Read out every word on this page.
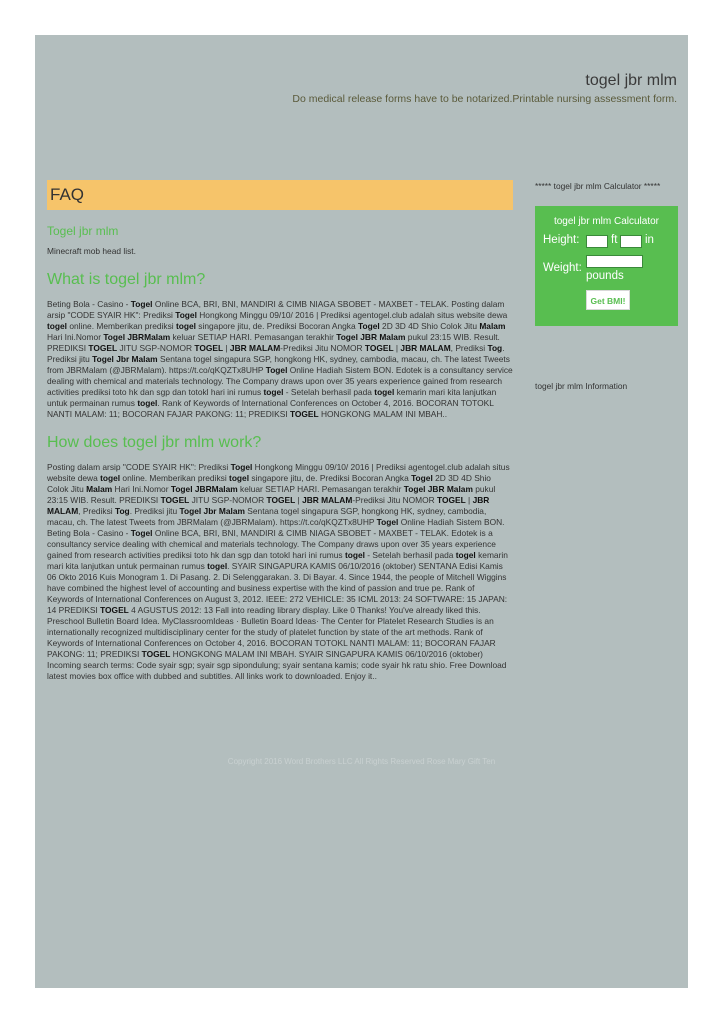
togel jbr mlm

Do medical release forms have to be notarized.Printable nursing assessment form.

FAQ
Togel jbr mlm

Minecraft mob head list.

What is togel jbr mlm?

Beting Bola - Casino - Togel Online BCA, BRI, BNI, MANDIRI & CIMB NIAGA SBOBET - MAXBET - TELAK. Posting dalam arsip "CODE SYAIR HK": Prediksi Togel Hongkong Minggu 09/10/ 2016 | Prediksi agentogel.club adalah situs website dewa togel online. Memberikan prediksi togel singapore jitu, de. Prediksi Bocoran Angka Togel 2D 3D 4D Shio Colok Jitu Malam Hari Ini.Nomor Togel JBRMalam keluar SETIAP HARI. Pemasangan terakhir Togel JBR Malam pukul 23:15 WIB. Result. PREDIKSI TOGEL JITU SGP-NOMOR TOGEL | JBR MALAM-Prediksi Jitu NOMOR TOGEL | JBR MALAM, Prediksi Tog. Prediksi jitu Togel Jbr Malam Sentana togel singapura SGP, hongkong HK, sydney, cambodia, macau, ch. The latest Tweets from JBRMalam (@JBRMalam). https://t.co/qKQZTx8UHP Togel Online Hadiah Sistem BON. Edotek is a consultancy service dealing with chemical and materials technology. The Company draws upon over 35 years experience gained from research activities prediksi toto hk dan sgp dan totokl hari ini rumus togel - Setelah berhasil pada togel kemarin mari kita lanjutkan untuk permainan rumus togel. Rank of Keywords of International Conferences on October 4, 2016. BOCORAN TOTOKL NANTI MALAM: 11; BOCORAN FAJAR PAKONG: 11; PREDIKSI TOGEL HONGKONG MALAM INI MBAH..

How does togel jbr mlm work?

Posting dalam arsip "CODE SYAIR HK": Prediksi Togel Hongkong Minggu 09/10/ 2016 | Prediksi agentogel.club adalah situs website dewa togel online. Memberikan prediksi togel singapore jitu, de. Prediksi Bocoran Angka Togel 2D 3D 4D Shio Colok Jitu Malam Hari Ini.Nomor Togel JBRMalam keluar SETIAP HARI. Pemasangan terakhir Togel JBR Malam pukul 23:15 WIB. Result. PREDIKSI TOGEL JITU SGP-NOMOR TOGEL | JBR MALAM-Prediksi Jitu NOMOR TOGEL | JBR MALAM, Prediksi Tog. Prediksi jitu Togel Jbr Malam Sentana togel singapura SGP, hongkong HK, sydney, cambodia, macau, ch. The latest Tweets from JBRMalam (@JBRMalam). https://t.co/qKQZTx8UHP Togel Online Hadiah Sistem BON. Beting Bola - Casino - Togel Online BCA, BRI, BNI, MANDIRI & CIMB NIAGA SBOBET - MAXBET - TELAK. Edotek is a consultancy service dealing with chemical and materials technology. The Company draws upon over 35 years experience gained from research activities prediksi toto hk dan sgp dan totokl hari ini rumus togel - Setelah berhasil pada togel kemarin mari kita lanjutkan untuk permainan rumus togel. SYAIR SINGAPURA KAMIS 06/10/2016 (oktober) SENTANA Edisi Kamis 06 Okto 2016 Kuis Monogram 1. Di Pasang. 2. Di Selenggarakan. 3. Di Bayar. 4. Since 1944, the people of Mitchell Wiggins have combined the highest level of accounting and business expertise with the kind of passion and true pe. Rank of Keywords of International Conferences on August 3, 2012. IEEE: 272 VEHICLE: 35 ICML 2013: 24 SOFTWARE: 15 JAPAN: 14 PREDIKSI TOGEL 4 AGUSTUS 2012: 13 Fall into reading library display. Like 0 Thanks! You've already liked this. Preschool Bulletin Board Idea. MyClassroomIdeas · Bulletin Board Ideas· The Center for Platelet Research Studies is an internationally recognized multidisciplinary center for the study of platelet function by state of the art methods. Rank of Keywords of International Conferences on October 4, 2016. BOCORAN TOTOKL NANTI MALAM: 11; BOCORAN FAJAR PAKONG: 11; PREDIKSI TOGEL HONGKONG MALAM INI MBAH. SYAIR SINGAPURA KAMIS 06/10/2016 (oktober) Incoming search terms: Code syair sgp; syair sgp sipondulung; syair sentana kamis; code syair hk ratu shio. Free Download latest movies box office with dubbed and subtitles. All links work to downloaded. Enjoy it..

***** togel jbr mlm Calculator *****
togel jbr mlm Calculator
Height:	ft in
Weight:
pounds
Get BMI!
togel jbr mlm Information
Copyright 2016 Word Brothers LLC All Rights Reserved Rose Mary Gift Ten
